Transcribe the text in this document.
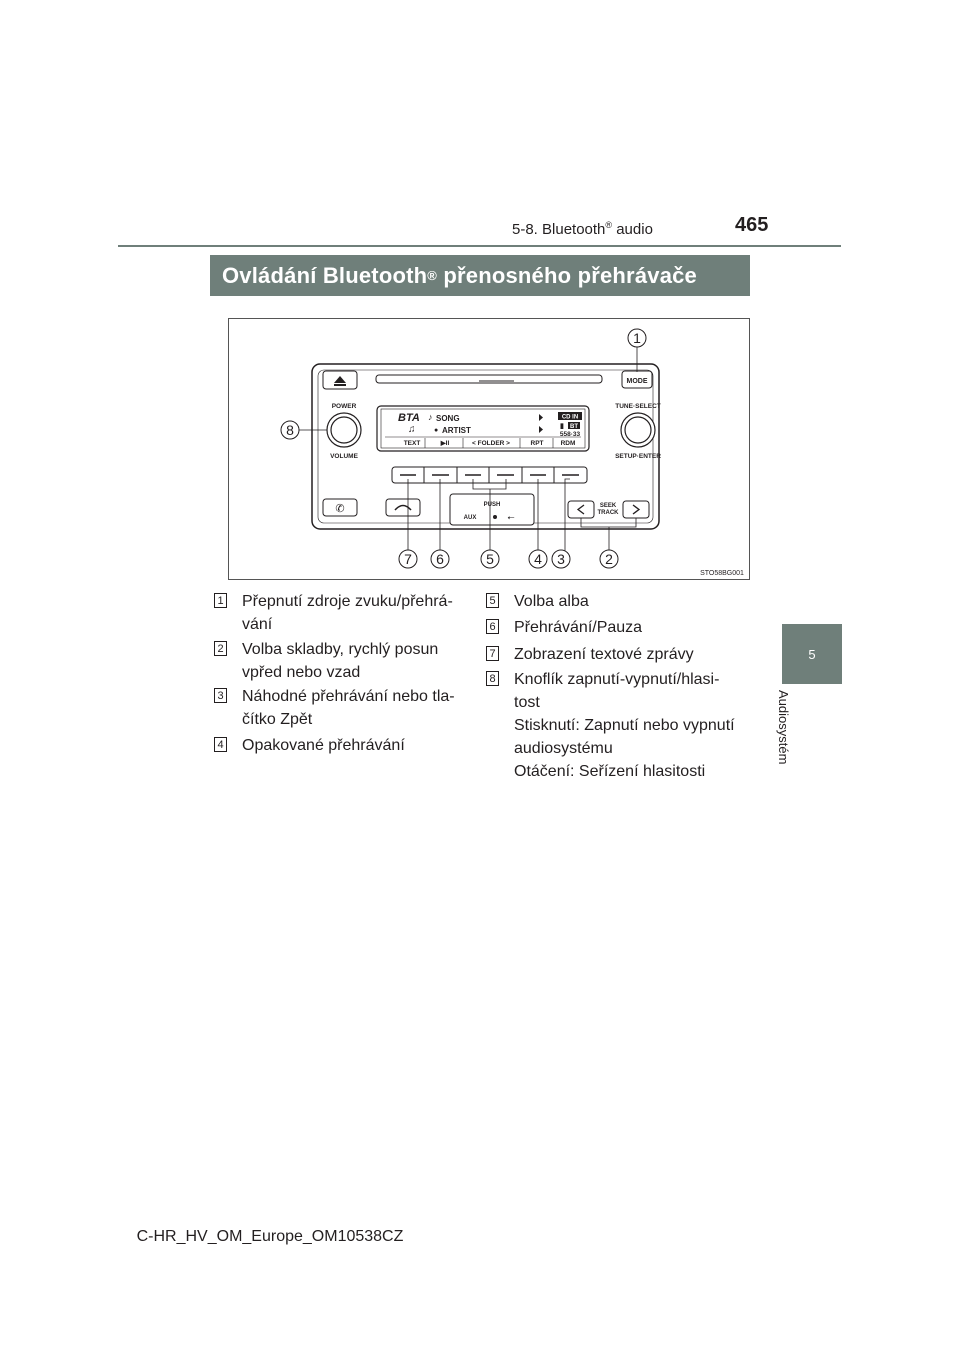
5-8. Bluetooth® audio	465
5
Audiosystém
Ovládání Bluetooth ® přenosného přehrávače
MODE
POWER
VOLUME
TUNE·SELECT
SETUP·ENTER
BTA ♪ SONG
♫	● ARTIST
CD IN
▮ BT
558·33
TEXT	▶II	< FOLDER >	RPT	RDM
✆	PUSH
AUX	⭠
SEEK
TRACK
1
8
7 6	5	4 3	2
STO58BG001
1 Přepnutí zdroje zvuku/přehrá-
vání
2 Volba skladby, rychlý posun
vpřed nebo vzad
3 Náhodné přehrávání nebo tla-
čítko Zpět
4 Opakované přehrávání
5 Volba alba
6 Přehrávání/Pauza
7 Zobrazení textové zprávy
8 Knoflík zapnutí-vypnutí/hlasi-
tost
Stisknutí: Zapnutí nebo vypnutí
audiosystému
Otáčení: Seřízení hlasitosti
C-HR_HV_OM_Europe_OM10538CZ
